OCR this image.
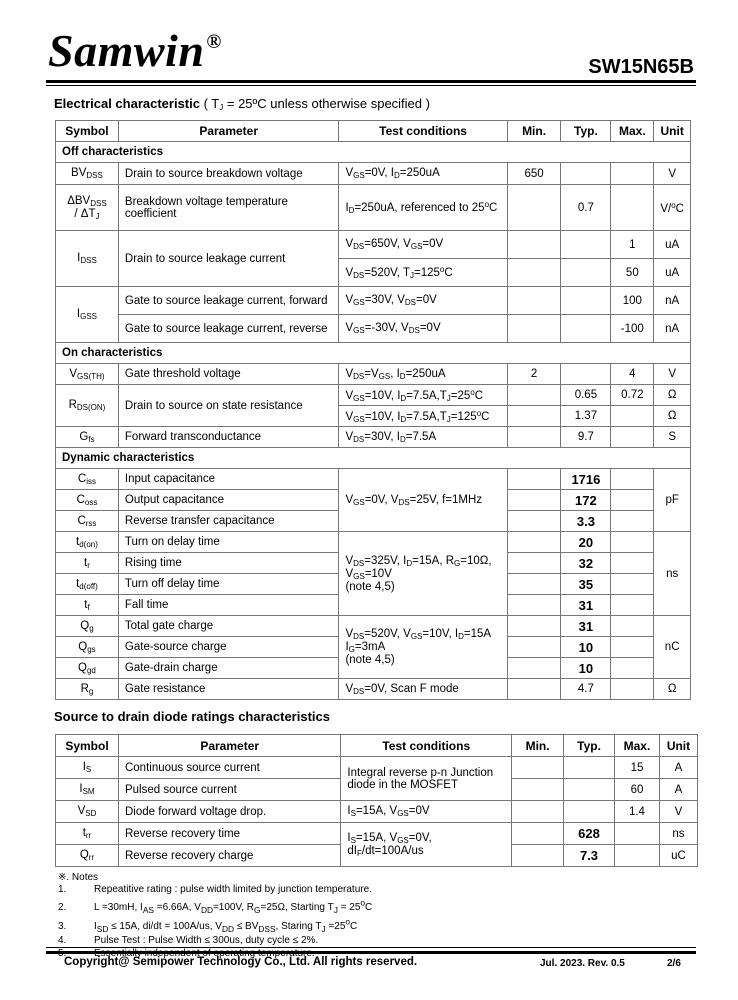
Samwin ®
SW15N65B
Electrical characteristic ( $T_J$ = 25ºC unless otherwise specified )
Symbol	Parameter	Test conditions	Min.	Typ.	Max.	Unit
Off characteristics						
$BV_{DSS}$	Drain to source breakdown voltage	$V_{GS}=0V$, $I_D=250uA$	650			V
$\Delta BV_{DSS}$
/ $\Delta T_J$	Breakdown voltage temperature coefficient	$I_D=250uA$, referenced to 25$^o$C		0.7		V/$^o$C
$I_{DSS}$	Drain to source leakage current	$V_{DS}=650V$, $V_{GS}=0V$			1	uA
		$V_{DS}=520V$, $T_J=125^oC$			50	uA
$I_{GSS}$	Gate to source leakage current, forward	$V_{GS}=30V$, $V_{DS}=0V$			100	nA
	Gate to source leakage current, reverse	$V_{GS}=-30V$, $V_{DS}=0V$			-100	nA
On characteristics						
$V_{GS(TH)}$	Gate threshold voltage	$V_{DS}=V_{GS}$, $I_D=250uA$	2		4	V
$R_{DS(ON)}$	Drain to source on state resistance	$V_{GS}=10V$, $I_D=7.5A,T_J=25^oC$		0.65	0.72	Ω
		$V_{GS}=10V$, $I_D=7.5A,T_J=125^oC$		1.37		Ω
$G_{fs}$	Forward transconductance	$V_{DS}=30V$, $I_D=7.5A$		9.7		S
Dynamic characteristics						
$C_{iss}$	Input capacitance	$V_{GS}=0V$, $V_{DS}=25V$, f=1MHz		1716		pF
$C_{oss}$	Output capacitance			172		
$C_{rss}$	Reverse transfer capacitance			3.3		
$t_{d(on)}$	Turn on delay time	$V_{DS}=325V$, $I_D=15A$, $R_G=10\Omega$,
$V_{GS}=10V$
(note 4,5)		20		ns
$t_r$	Rising time			32		
$t_{d(off)}$	Turn off delay time			35		
$t_f$	Fall time			31		
$Q_g$	Total gate charge	$V_{DS}=520V$, $V_{GS}=10V$, $I_D=15A$
$I_G=3mA$
(note 4,5)		31		nC
$Q_{gs}$	Gate-source charge			10		
$Q_{gd}$	Gate-drain charge			10		
$R_g$	Gate resistance	$V_{DS}=0V$, Scan F mode		4.7		Ω
Source to drain diode ratings characteristics
Symbol	Parameter	Test conditions	Min.	Typ.	Max.	Unit
$I_S$	Continuous source current	Integral reverse p-n Junction
diode in the MOSFET			15	A
$I_{SM}$	Pulsed source current				60	A
$V_{SD}$	Diode forward voltage drop.	$I_S=15A$, $V_{GS}=0V$			1.4	V
$t_{rr}$	Reverse recovery time	$I_S=15A$, $V_{GS}=0V$,
$dI_F/dt=100A/us$		628		ns
$Q_{rr}$	Reverse recovery charge			7.3		uC
※. Notes
1.	Repeatitive rating : pulse width limited by junction temperature.
2.	L =30mH, $I_{AS} =6.66A$, $V_{DD}=100V$, $R_G=25\Omega$, Starting $T_J = 25^oC$
3.	$I_{SD} \le 15A$, di/dt = 100A/us, $V_{DD} \le BV_{DSS}$, Staring $T_J =25^oC$
4.	Pulse Test : Pulse Width ≤ 300us, duty cycle ≤ 2%.
5.	Essentially independent of operating temperature.
Copyright@ Semipower Technology Co., Ltd. All rights reserved.	Jul. 2023. Rev. 0.5	2/6
